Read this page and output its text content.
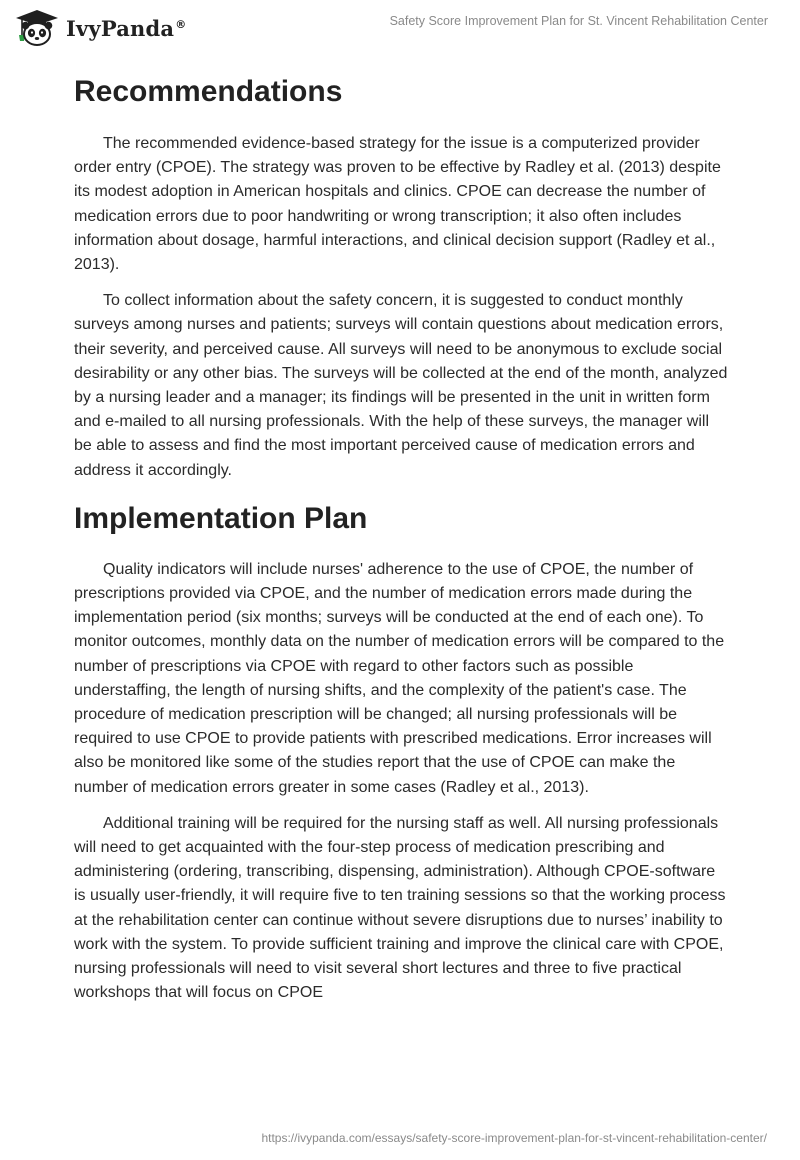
IvyPanda®	Safety Score Improvement Plan for St. Vincent Rehabilitation Center
Recommendations

The recommended evidence-based strategy for the issue is a computerized provider order entry (CPOE). The strategy was proven to be effective by Radley et al. (2013) despite its modest adoption in American hospitals and clinics. CPOE can decrease the number of medication errors due to poor handwriting or wrong transcription; it also often includes information about dosage, harmful interactions, and clinical decision support (Radley et al., 2013).

To collect information about the safety concern, it is suggested to conduct monthly surveys among nurses and patients; surveys will contain questions about medication errors, their severity, and perceived cause. All surveys will need to be anonymous to exclude social desirability or any other bias. The surveys will be collected at the end of the month, analyzed by a nursing leader and a manager; its findings will be presented in the unit in written form and e-mailed to all nursing professionals. With the help of these surveys, the manager will be able to assess and find the most important perceived cause of medication errors and address it accordingly.

Implementation Plan

Quality indicators will include nurses' adherence to the use of CPOE, the number of prescriptions provided via CPOE, and the number of medication errors made during the implementation period (six months; surveys will be conducted at the end of each one). To monitor outcomes, monthly data on the number of medication errors will be compared to the number of prescriptions via CPOE with regard to other factors such as possible understaffing, the length of nursing shifts, and the complexity of the patient's case. The procedure of medication prescription will be changed; all nursing professionals will be required to use CPOE to provide patients with prescribed medications. Error increases will also be monitored like some of the studies report that the use of CPOE can make the number of medication errors greater in some cases (Radley et al., 2013).

Additional training will be required for the nursing staff as well. All nursing professionals will need to get acquainted with the four-step process of medication prescribing and administering (ordering, transcribing, dispensing, administration). Although CPOE-software is usually user-friendly, it will require five to ten training sessions so that the working process at the rehabilitation center can continue without severe disruptions due to nurses’ inability to work with the system. To provide sufficient training and improve the clinical care with CPOE, nursing professionals will need to visit several short lectures and three to five practical workshops that will focus on CPOE

https://ivypanda.com/essays/safety-score-improvement-plan-for-st-vincent-rehabilitation-center/
